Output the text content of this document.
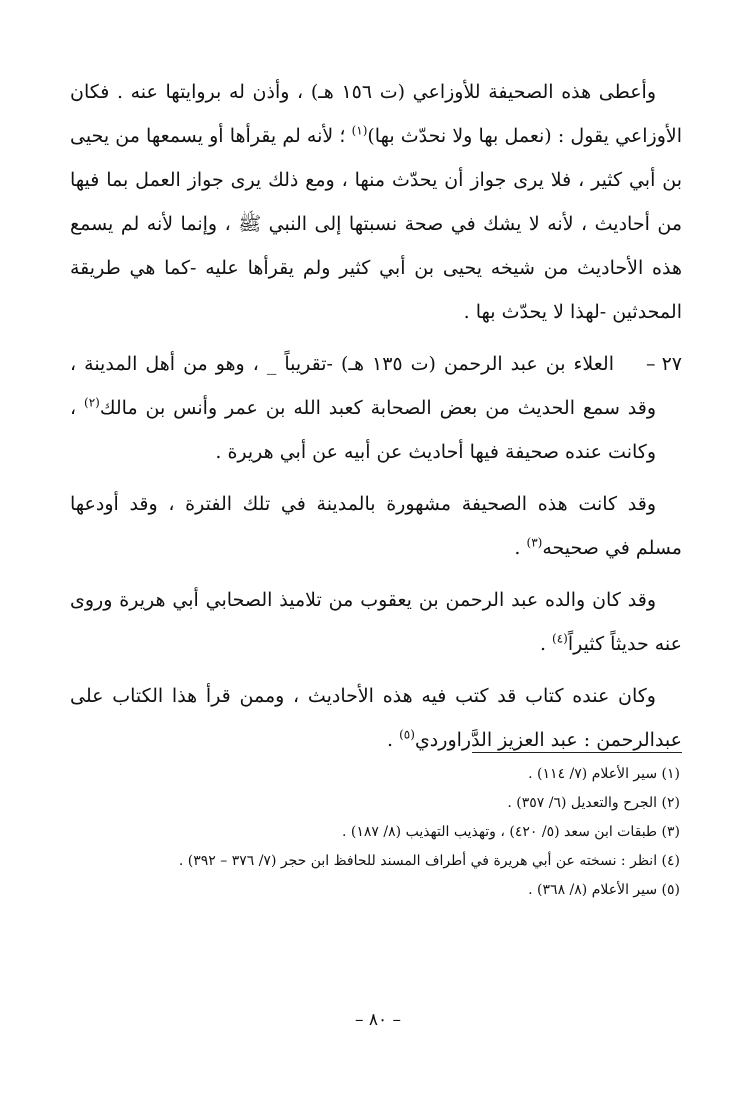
وأعطى هذه الصحيفة للأوزاعي (ت ١٥٦ هـ) ، وأذن له بروايتها عنه . فكان الأوزاعي يقول : (نعمل بها ولا نحدّث بها)$^{(١)}$ ؛ لأنه لم يقرأها أو يسمعها من يحيى بن أبي كثير ، فلا يرى جواز أن يحدّث منها ، ومع ذلك يرى جواز العمل بما فيها من أحاديث ، لأنه لا يشك في صحة نسبتها إلى النبي ﷺ ، وإنما لأنه لم يسمع هذه الأحاديث من شيخه يحيى بن أبي كثير ولم يقرأها عليه -كما هي طريقة المحدثين -لهذا لا يحدّث بها .

٢٧ – العلاء بن عبد الرحمن (ت ١٣٥ هـ) -تقريباً _ ، وهو من أهل المدينة ، وقد سمع الحديث من بعض الصحابة كعبد الله بن عمر وأنس بن مالك$^{(٢)}$ ، وكانت عنده صحيفة فيها أحاديث عن أبيه عن أبي هريرة .

وقد كانت هذه الصحيفة مشهورة بالمدينة في تلك الفترة ، وقد أودعها مسلم في صحيحه$^{(٣)}$ .

وقد كان والده عبد الرحمن بن يعقوب من تلاميذ الصحابي أبي هريرة وروى عنه حديثاً كثيراً$^{(٤)}$ .

وكان عنده كتاب قد كتب فيه هذه الأحاديث ، وممن قرأ هذا الكتاب على عبدالرحمن : عبد العزيز الدَّراوردي$^{(٥)}$ .

(١) سير الأعلام (٧/ ١١٤) .
(٢) الجرح والتعديل (٦/ ٣٥٧) .
(٣) طبقات ابن سعد (٥/ ٤٢٠) ، وتهذيب التهذيب (٨/ ١٨٧) .
(٤) انظر : نسخته عن أبي هريرة في أطراف المسند للحافظ ابن حجر (٧/ ٣٧٦ – ٣٩٢) .
(٥) سير الأعلام (٨/ ٣٦٨) .
– ٨٠ –
